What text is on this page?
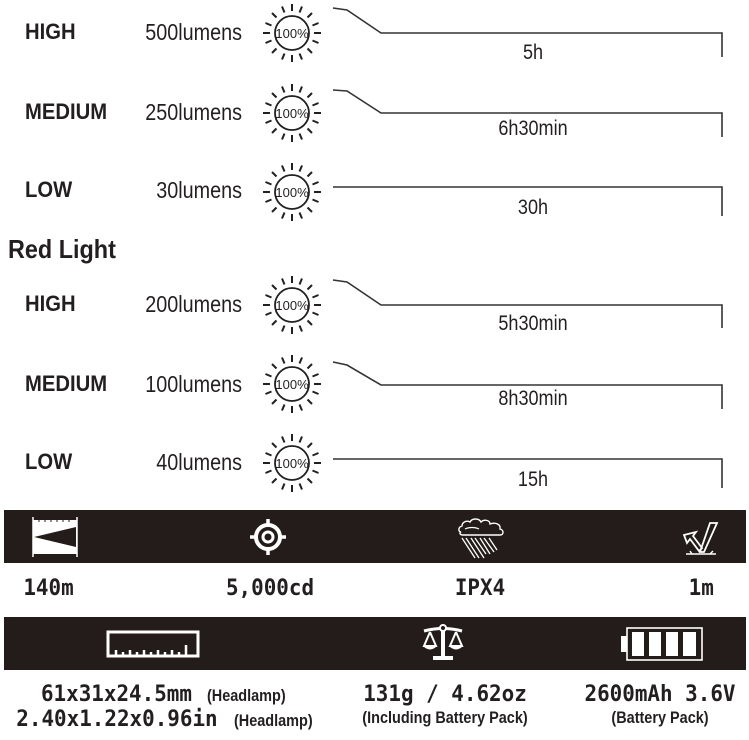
HIGH	500lumens	100%
5h
MEDIUM	250lumens	100%
6h30min
LOW	30lumens	100%
30h
Red Light
HIGH	200lumens	100%
5h30min
MEDIUM	100lumens	100%
8h30min
LOW	40lumens	100%
15h
140m	5,000cd	IPX4	1m
61x31x24.5mm (Headlamp)
2.40x1.22x0.96in (Headlamp)
131g / 4.62oz
(Including Battery Pack)
2600mAh 3.6V
(Battery Pack)
